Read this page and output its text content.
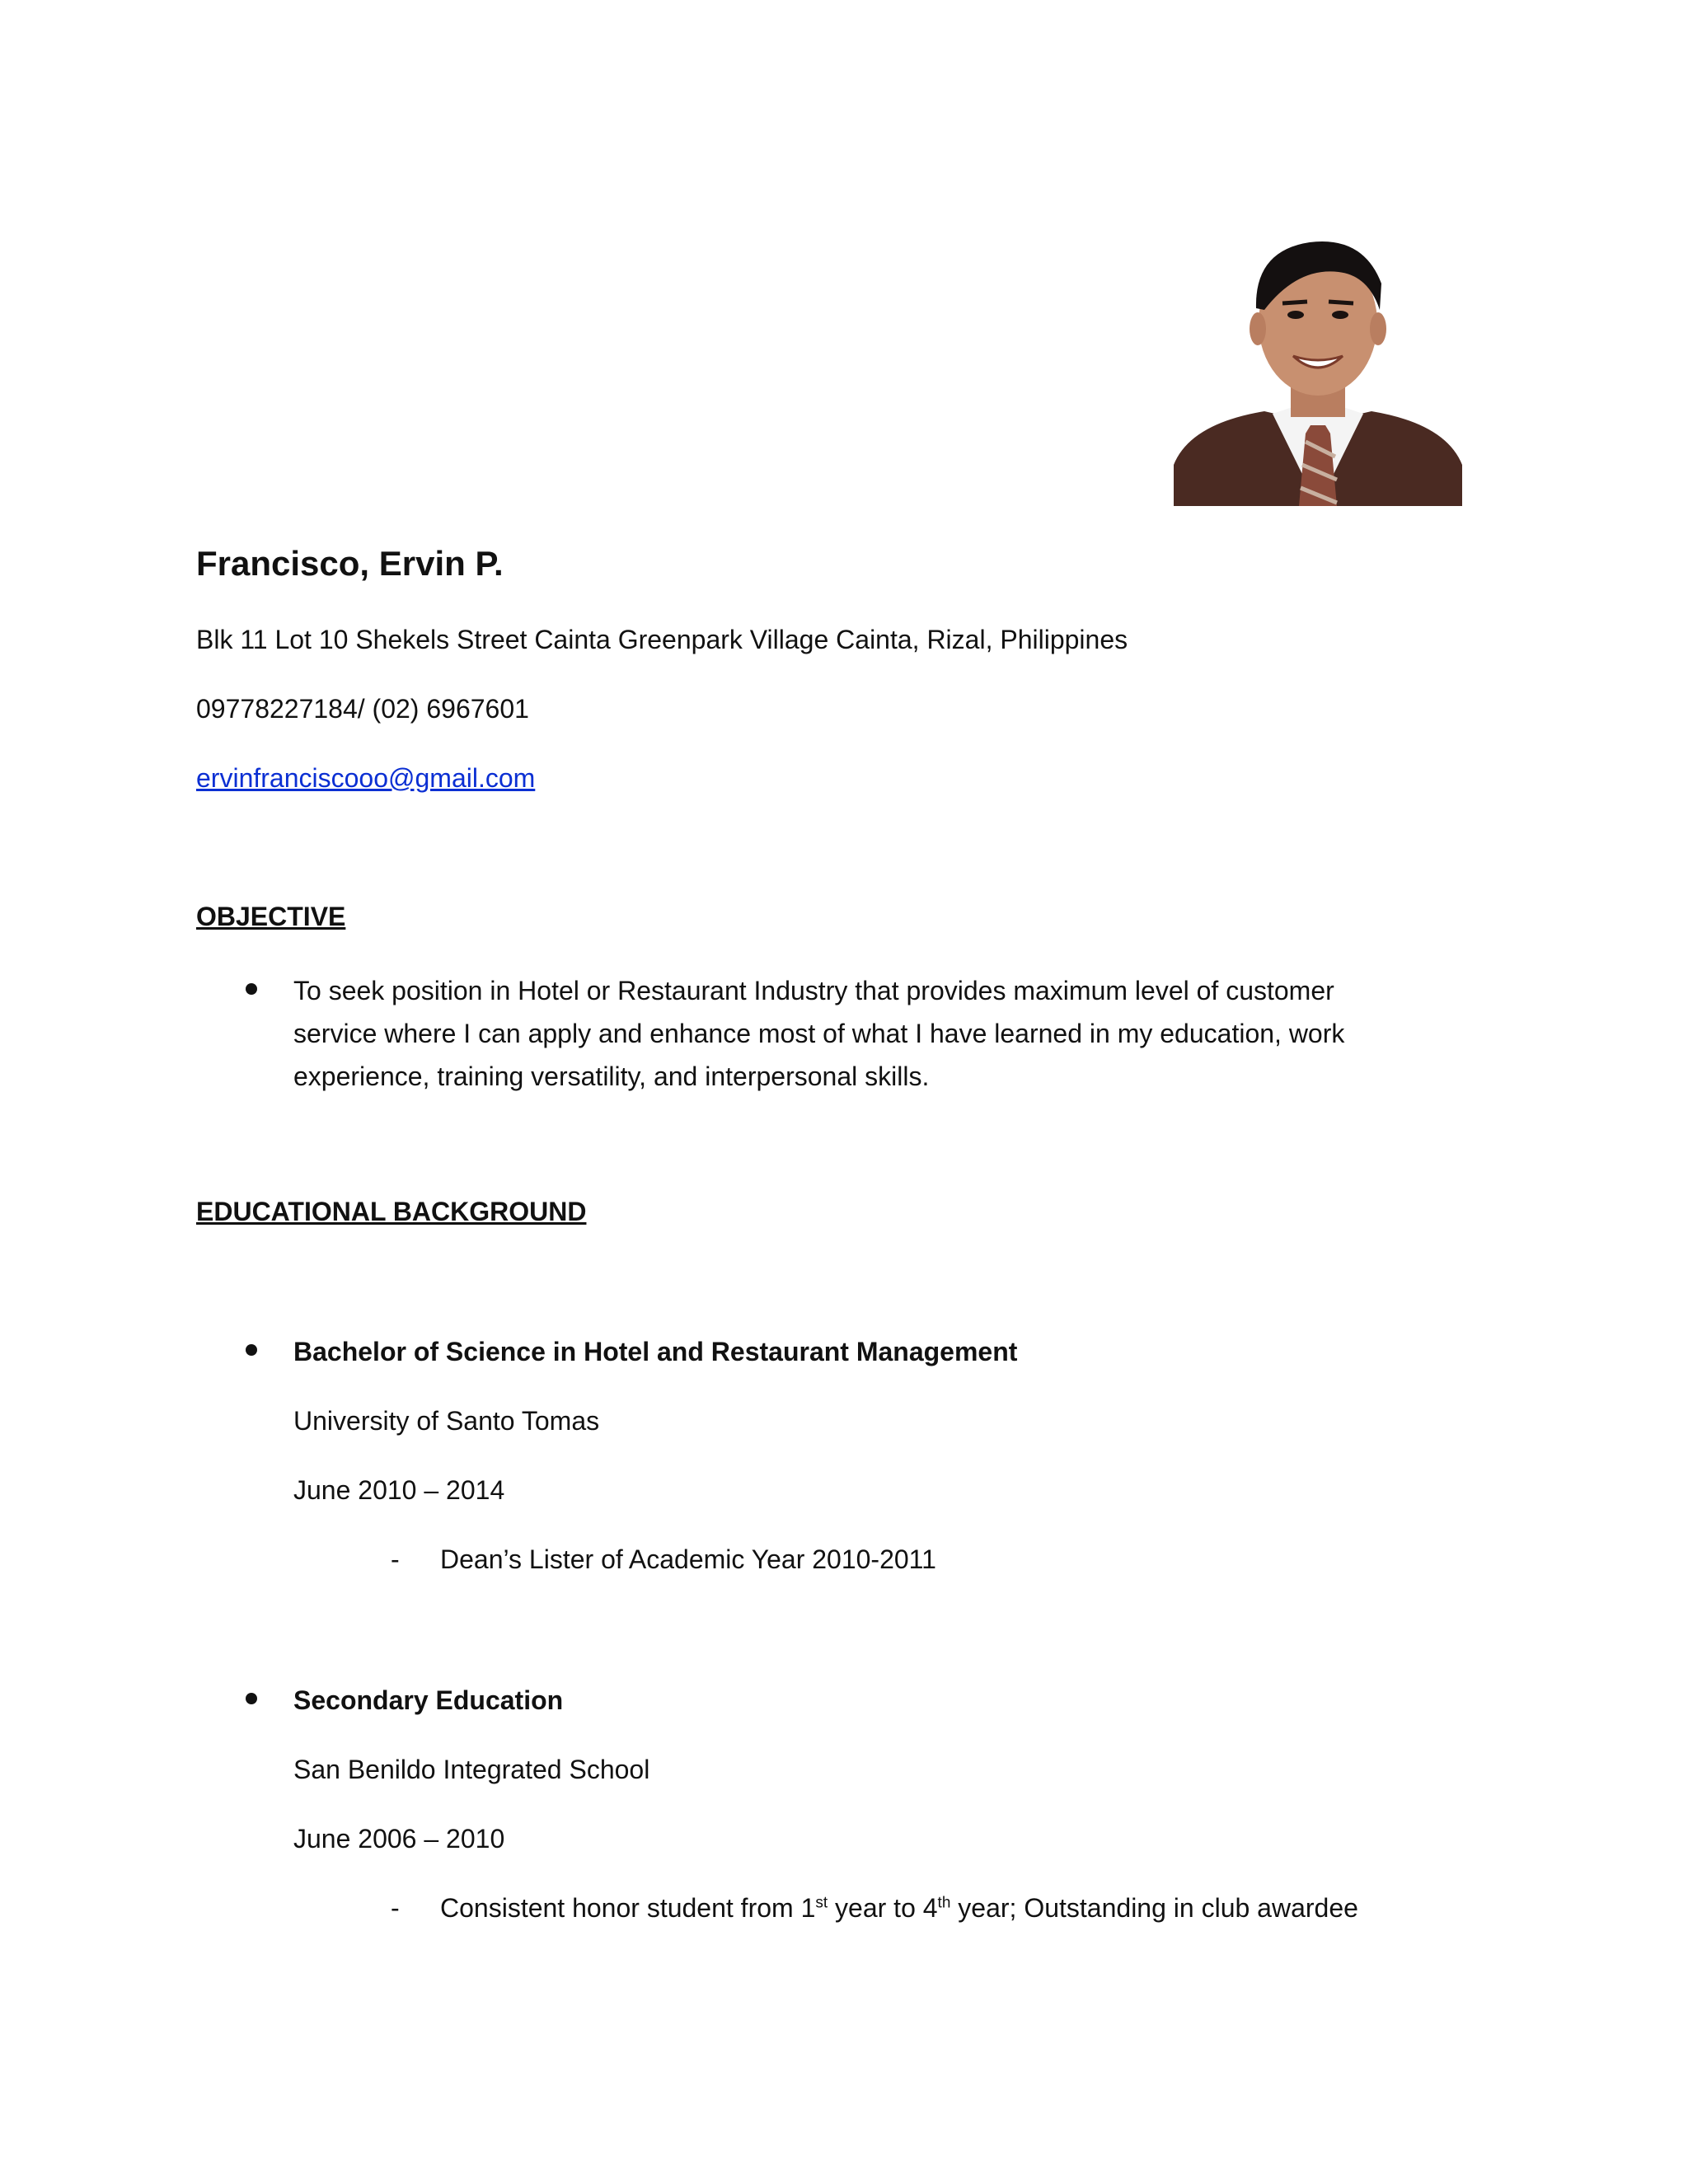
Francisco, Ervin P.
Blk 11 Lot 10 Shekels Street Cainta Greenpark Village Cainta, Rizal, Philippines
09778227184/ (02) 6967601
ervinfranciscooo@gmail.com
OBJECTIVE
To seek position in Hotel or Restaurant Industry that provides maximum level of customer
service where I can apply and enhance most of what I have learned in my education, work
experience, training versatility, and interpersonal skills.
EDUCATIONAL BACKGROUND
Bachelor of Science in Hotel and Restaurant Management
University of Santo Tomas
June 2010 – 2014
- Dean’s Lister of Academic Year 2010-2011
Secondary Education
San Benildo Integrated School
June 2006 – 2010
- Consistent honor student from 1st year to 4th year; Outstanding in club awardee
